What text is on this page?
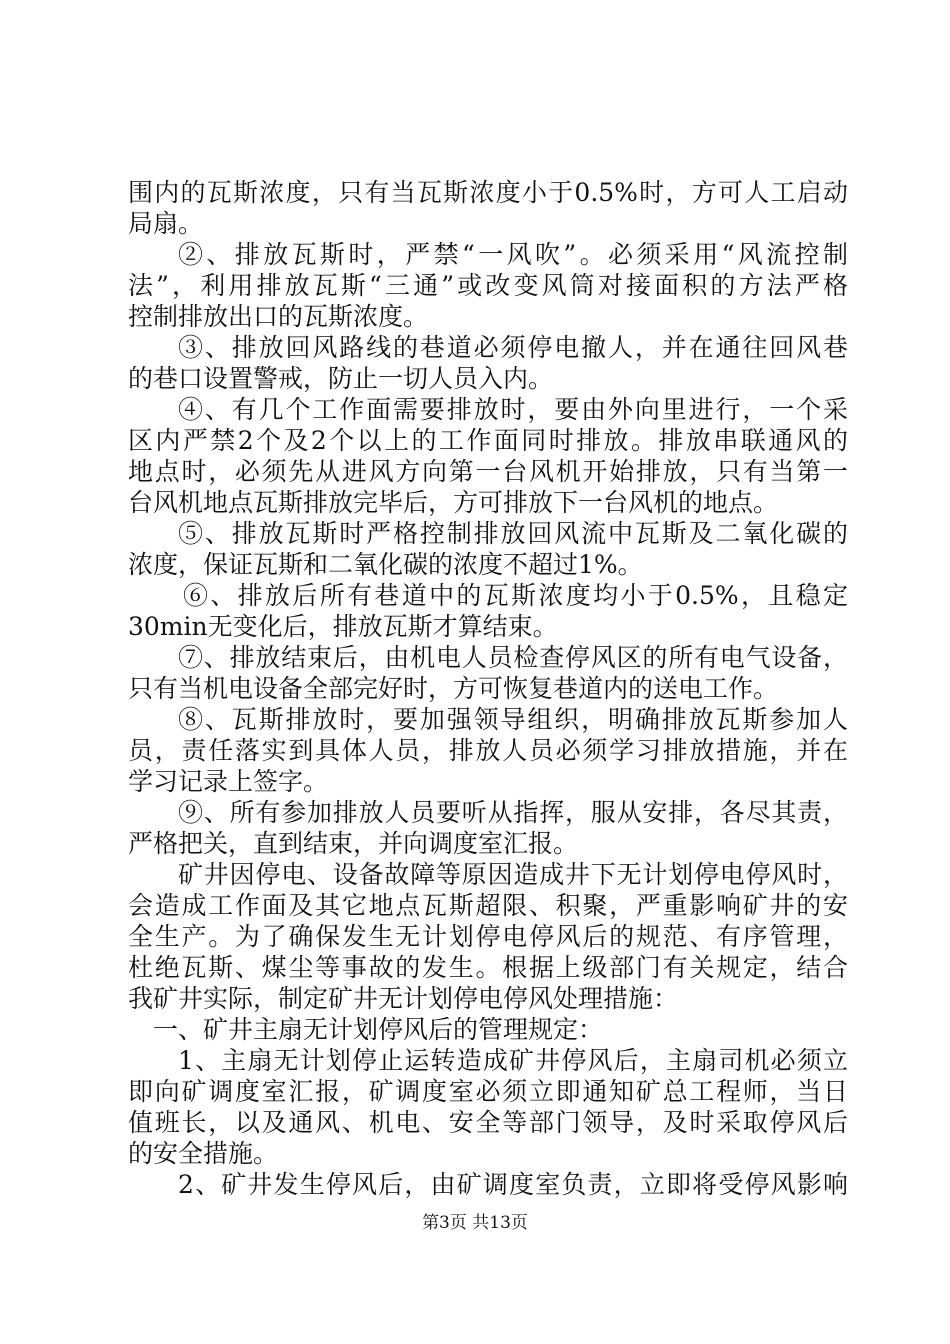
围内的瓦斯浓度，只有当瓦斯浓度小于0.5%时，方可人工启动
局扇。
②、排放瓦斯时，严禁“一风吹”。必须采用“风流控制
法”，利用排放瓦斯“三通”或改变风筒对接面积的方法严格
控制排放出口的瓦斯浓度。
③、排放回风路线的巷道必须停电撤人，并在通往回风巷
的巷口设置警戒，防止一切人员入内。
④、有几个工作面需要排放时，要由外向里进行，一个采
区内严禁2个及2个以上的工作面同时排放。排放串联通风的
地点时，必须先从进风方向第一台风机开始排放，只有当第一
台风机地点瓦斯排放完毕后，方可排放下一台风机的地点。
⑤、排放瓦斯时严格控制排放回风流中瓦斯及二氧化碳的
浓度，保证瓦斯和二氧化碳的浓度不超过1%。
⑥、排放后所有巷道中的瓦斯浓度均小于0.5%，且稳定
30min无变化后，排放瓦斯才算结束。
⑦、排放结束后，由机电人员检查停风区的所有电气设备，
只有当机电设备全部完好时，方可恢复巷道内的送电工作。
⑧、瓦斯排放时，要加强领导组织，明确排放瓦斯参加人
员，责任落实到具体人员，排放人员必须学习排放措施，并在
学习记录上签字。
⑨、所有参加排放人员要听从指挥，服从安排，各尽其责，
严格把关，直到结束，并向调度室汇报。
矿井因停电、设备故障等原因造成井下无计划停电停风时，
会造成工作面及其它地点瓦斯超限、积聚，严重影响矿井的安
全生产。为了确保发生无计划停电停风后的规范、有序管理，
杜绝瓦斯、煤尘等事故的发生。根据上级部门有关规定，结合
我矿井实际，制定矿井无计划停电停风处理措施：
一、矿井主扇无计划停风后的管理规定：
1、主扇无计划停止运转造成矿井停风后，主扇司机必须立
即向矿调度室汇报，矿调度室必须立即通知矿总工程师，当日
值班长，以及通风、机电、安全等部门领导，及时采取停风后
的安全措施。
2、矿井发生停风后，由矿调度室负责，立即将受停风影响
第3页 共13页
